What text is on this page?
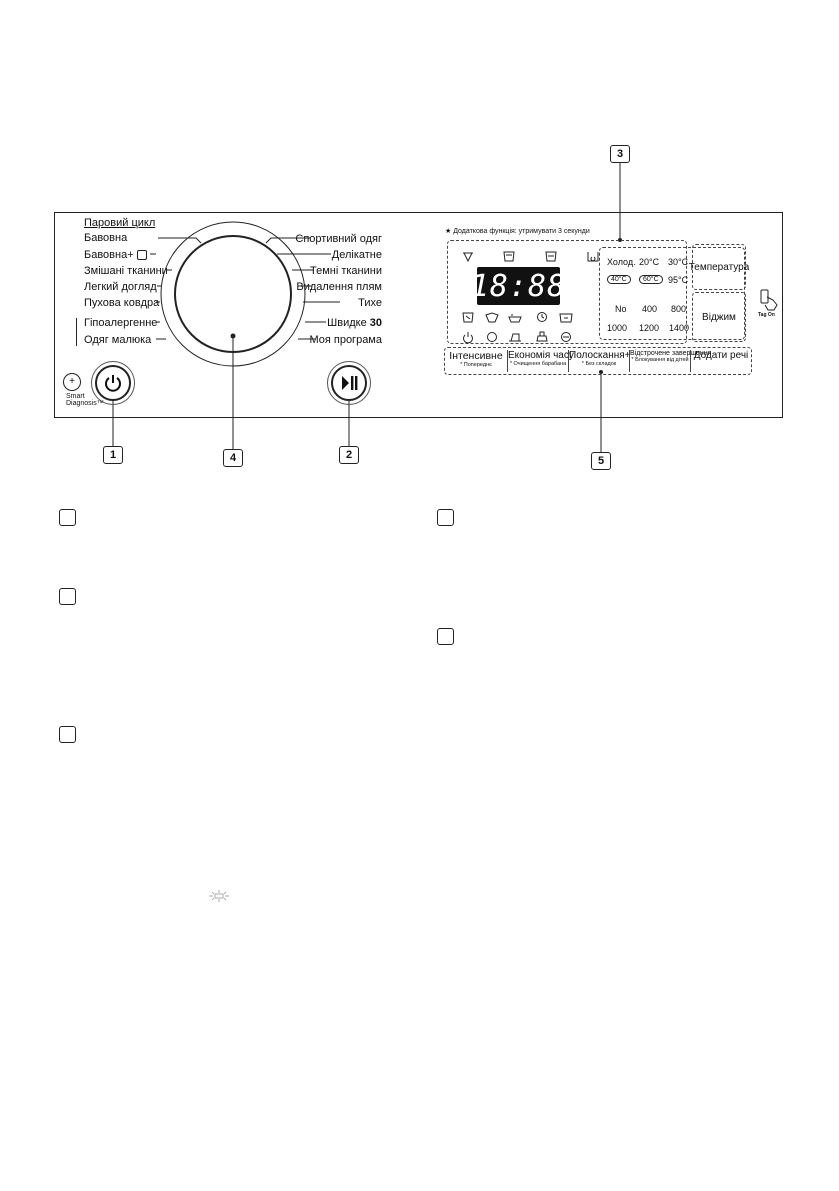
Паровий цикл
Бавовна
Бавовна+
Змішані тканини
Легкий догляд
Пухова ковдра
Гіпоалергенне
Одяг малюка
Спортивний одяг
Делікатне
Темні тканини
Видалення плям
Тихе
Швидке 30
Моя програма
+
Smart
Diagnosis™
★ Додаткова функція: утримувати 3 секунди
18:88
Холод. 20°C 30°C
40°C	60°C	95°C
No 400 800
1000 1200 1400
Температура
Віджим	Tag On
Інтенсивне
* Попереднє
Економія часу
* Очищення барабана
Полоскання+
* Без складок
Відстрочене завершення
* Блокування від дітей Додати речі
1	2
3
4	5
